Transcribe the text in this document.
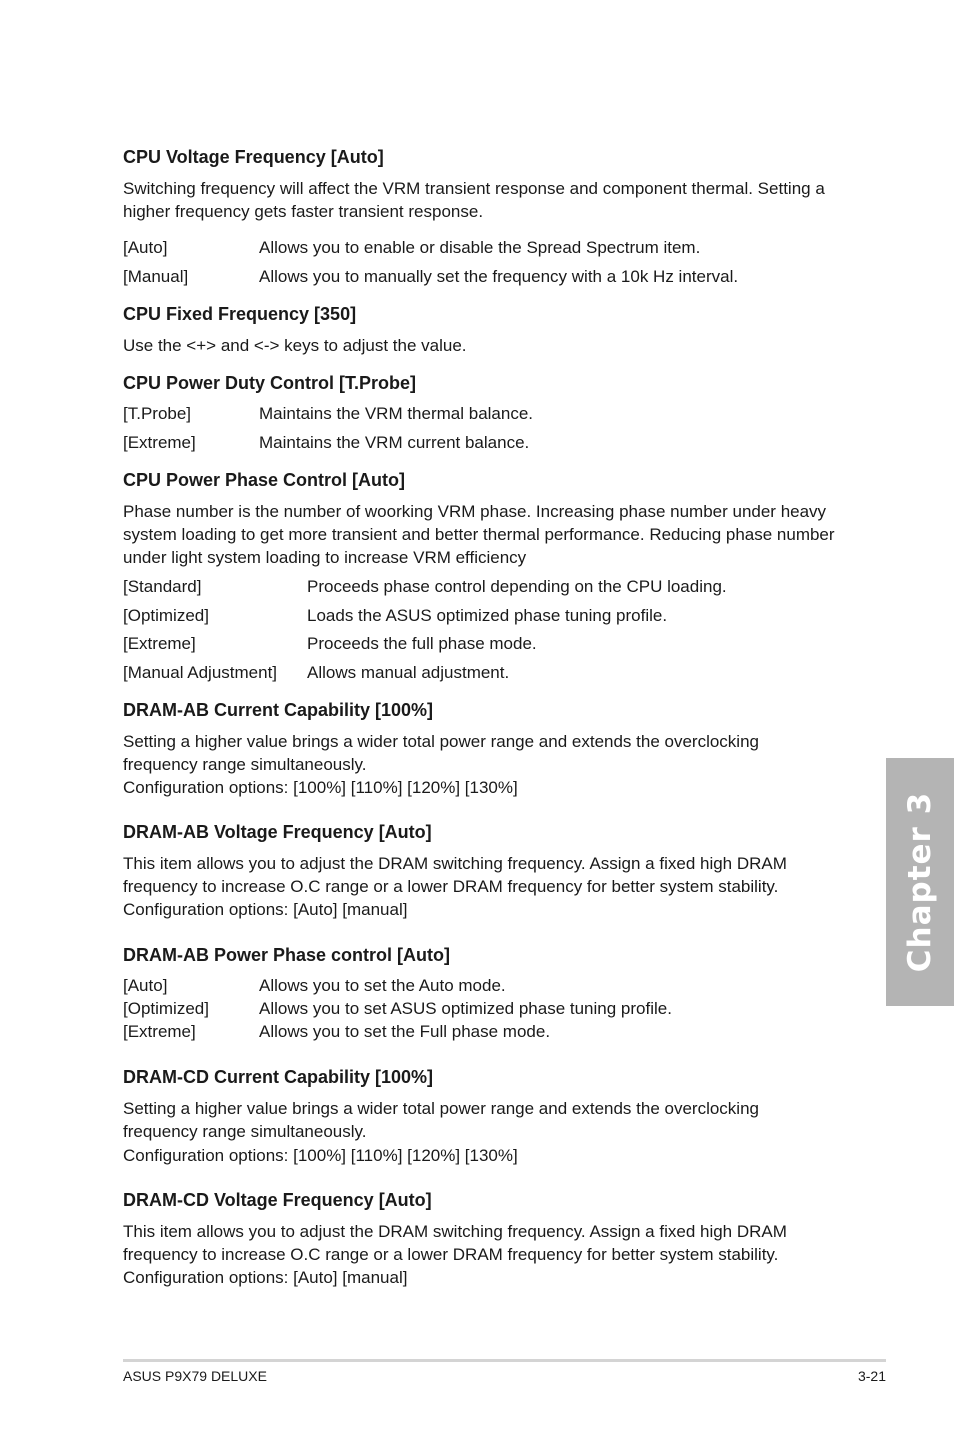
CPU Voltage Frequency [Auto]
Switching frequency will affect the VRM transient response and component thermal. Setting a higher frequency gets faster transient response.
[Auto]	Allows you to enable or disable the Spread Spectrum item.
[Manual]	Allows you to manually set the frequency with a 10k Hz interval.
CPU Fixed Frequency [350]
Use the <+> and <-> keys to adjust the value.
CPU Power Duty Control [T.Probe]
[T.Probe]	Maintains the VRM thermal balance.
[Extreme]	Maintains the VRM current balance.
CPU Power Phase Control [Auto]
Phase number is the number of woorking VRM phase. Increasing phase number under heavy system loading to get more transient and better thermal performance. Reducing phase number under light system loading to increase VRM efficiency
[Standard]	Proceeds phase control depending on the CPU loading.
[Optimized]	Loads the ASUS optimized phase tuning profile.
[Extreme]	Proceeds the full phase mode.
[Manual Adjustment] Allows manual adjustment.
DRAM-AB Current Capability [100%]
Setting a higher value brings a wider total power range and extends the overclocking frequency range simultaneously.
Configuration options: [100%] [110%] [120%] [130%]
DRAM-AB Voltage Frequency [Auto]
This item allows you to adjust the DRAM switching frequency. Assign a fixed high DRAM frequency to increase O.C range or a lower DRAM frequency for better system stability.
Configuration options: [Auto] [manual]
DRAM-AB Power Phase control [Auto]
[Auto]	Allows you to set the Auto mode.
[Optimized]	Allows you to set ASUS optimized phase tuning profile.
[Extreme]	Allows you to set the Full phase mode.
DRAM-CD Current Capability [100%]
Setting a higher value brings a wider total power range and extends the overclocking frequency range simultaneously.
Configuration options: [100%] [110%] [120%] [130%]
DRAM-CD Voltage Frequency [Auto]
This item allows you to adjust the DRAM switching frequency. Assign a fixed high DRAM frequency to increase O.C range or a lower DRAM frequency for better system stability.
Configuration options: [Auto] [manual]
Chapter 3
ASUS P9X79 DELUXE	3-21
